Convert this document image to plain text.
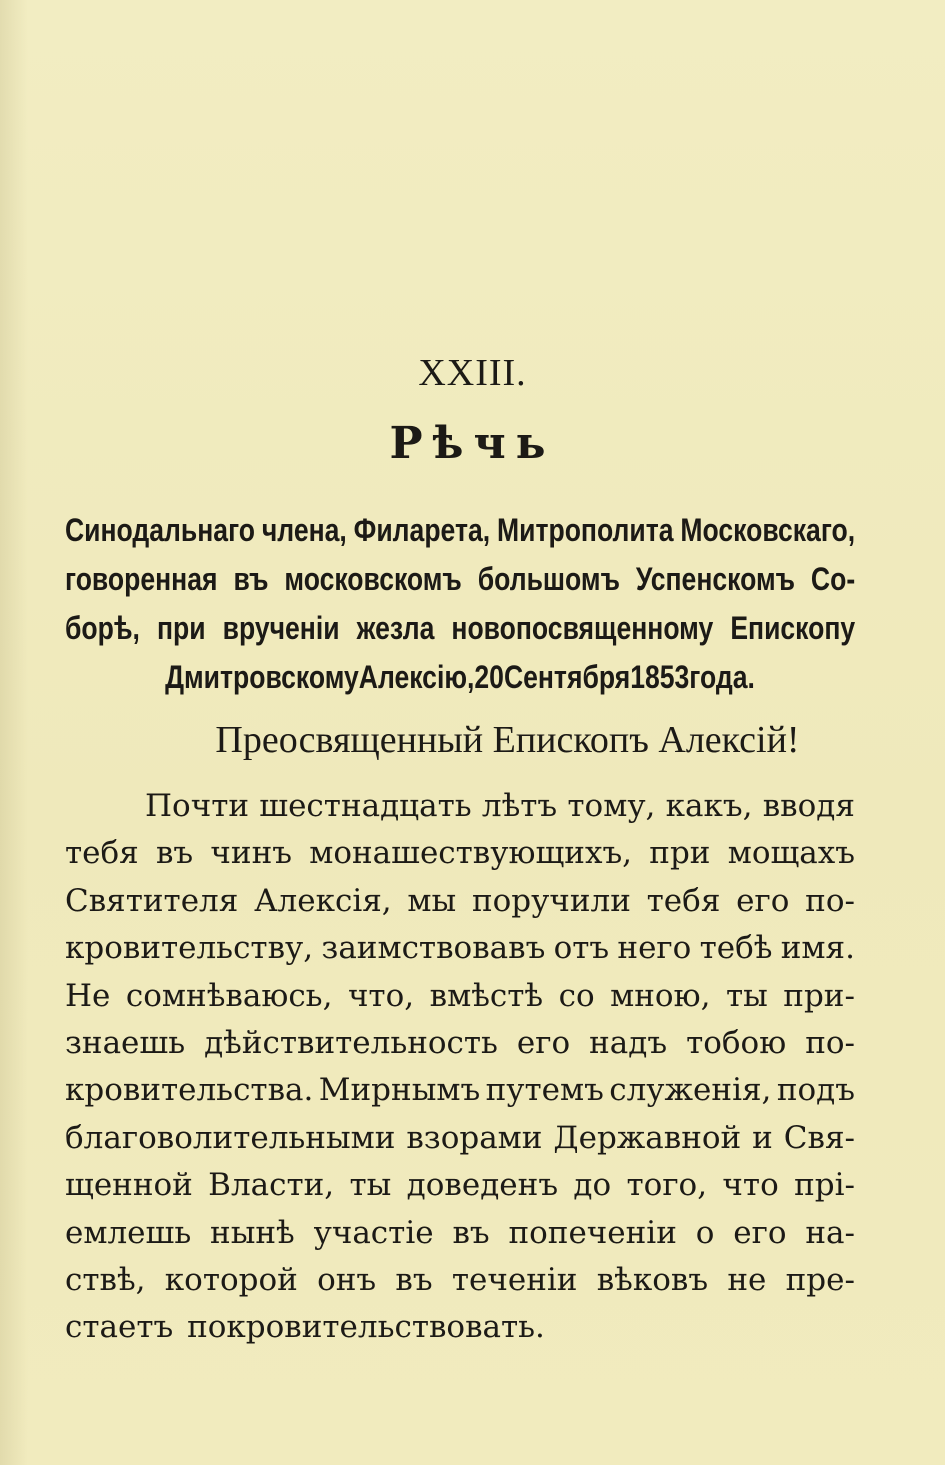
XXIII.
Рѣчь
Синодальнаго члена, Филарета, Митрополита Московскаго,
говоренная въ московскомъ большомъ Успенскомъ Со-
борѣ, при врученіи жезла новопосвященному Епископу
Дмитровскому Алексію, 20 Сентября 1853 года.
Преосвященный Епископъ Алексій!
Почти шестнадцать лѣтъ тому, какъ, вводя
тебя въ чинъ монашествующихъ, при мощахъ
Святителя Алексія, мы поручили тебя его по-
кровительству, заимствовавъ отъ него тебѣ имя.
Не сомнѣваюсь, что, вмѣстѣ со мною, ты при-
знаешь дѣйствительность его надъ тобою по-
кровительства. Мирнымъ путемъ служенія, подъ
благоволительными взорами Державной и Свя-
щенной Власти, ты доведенъ до того, что прі-
емлешь нынѣ участіе въ попеченіи о его на-
ствѣ, которой онъ въ теченіи вѣковъ не пре-
стаетъ
покровительствовать.
